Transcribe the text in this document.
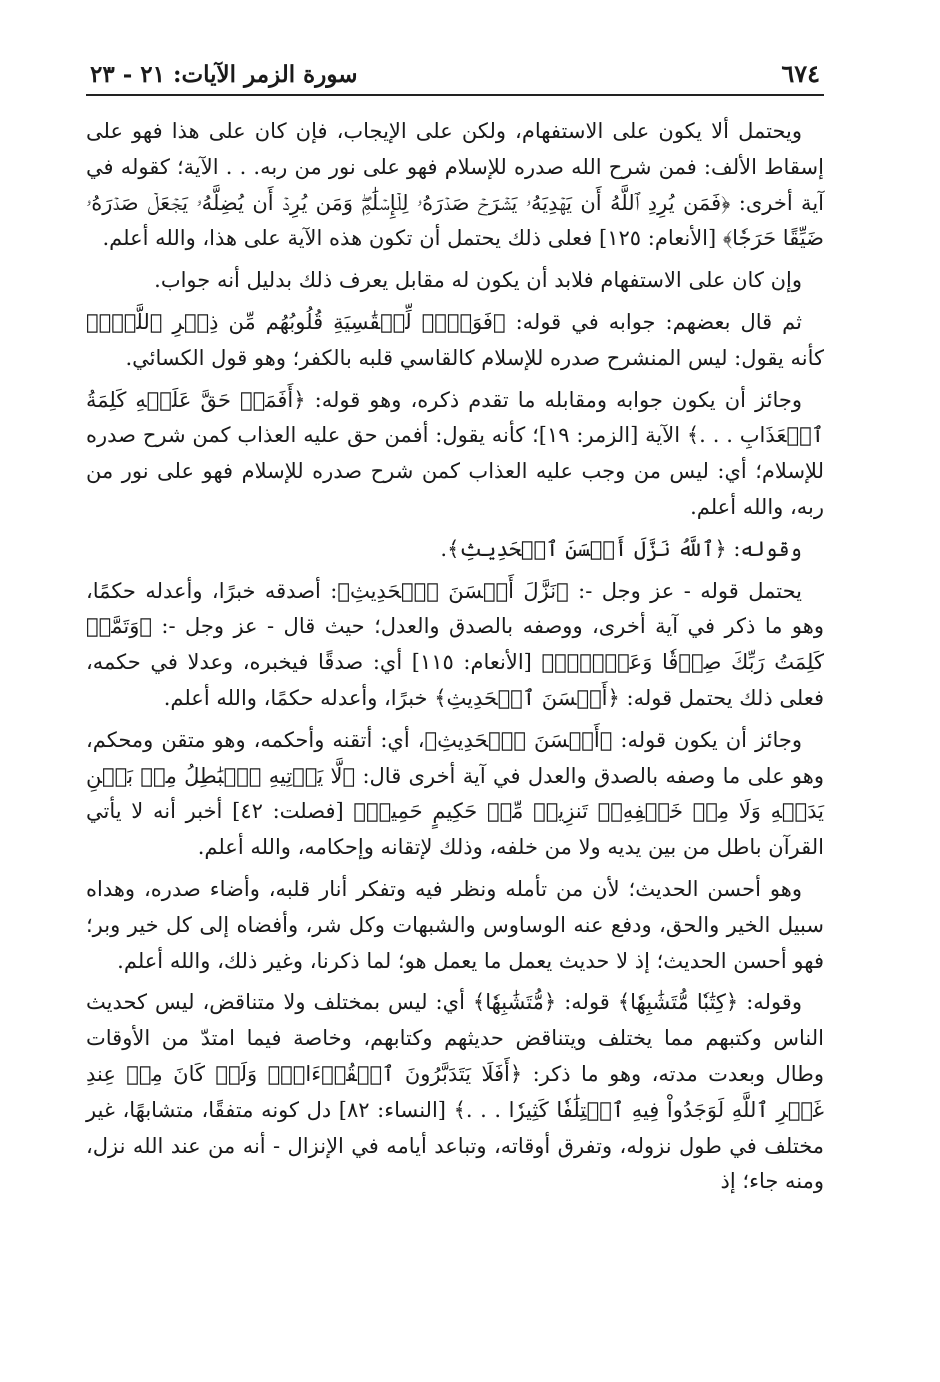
٦٧٤
سورة الزمر الآيات: ٢١ - ٢٣

ويحتمل ألا يكون على الاستفهام، ولكن على الإيجاب، فإن كان على هذا فهو على إسقاط الألف: فمن شرح الله صدره للإسلام فهو على نور من ربه. . . الآية؛ كقوله في آية أخرى: ﴿فَمَن يُرِدِ ٱللَّهُ أَن يَهۡدِيَهُۥ يَشۡرَحۡ صَدۡرَهُۥ لِلۡإِسۡلَٰمِۖ وَمَن يُرِدۡ أَن يُضِلَّهُۥ يَجۡعَلۡ صَدۡرَهُۥ ضَيِّقًا حَرَجٗا﴾ [الأنعام: ١٢٥] فعلى ذلك يحتمل أن تكون هذه الآية على هذا، والله أعلم.

وإن كان على الاستفهام فلابد أن يكون له مقابل يعرف ذلك بدليل أنه جواب.

ثم قال بعضهم: جوابه في قوله: ﴿فَوَيۡلٞ لِّلۡقَٰسِيَةِ قُلُوبُهُم مِّن ذِكۡرِ ٱللَّهِۚ﴾ كأنه يقول: ليس المنشرح صدره للإسلام كالقاسي قلبه بالكفر؛ وهو قول الكسائي.

وجائز أن يكون جوابه ومقابله ما تقدم ذكره، وهو قوله: ﴿أَفَمَنۡ حَقَّ عَلَيۡهِ كَلِمَةُ ٱلۡعَذَابِ . . .﴾ الآية [الزمر: ١٩]؛ كأنه يقول: أفمن حق عليه العذاب كمن شرح صدره للإسلام؛ أي: ليس من وجب عليه العذاب كمن شرح صدره للإسلام فهو على نور من ربه، والله أعلم.

وقوله: ﴿ٱللَّهُ نَزَّلَ أَحۡسَنَ ٱلۡحَدِيثِ﴾.

يحتمل قوله - عز وجل -: ﴿نَزَّلَ أَحۡسَنَ ٱلۡحَدِيثِ﴾: أصدقه خبرًا، وأعدله حكمًا، وهو ما ذكر في آية أخرى، ووصفه بالصدق والعدل؛ حيث قال - عز وجل -: ﴿وَتَمَّتۡ كَلِمَتُ رَبِّكَ صِدۡقٗا وَعَدۡلٗاۚ﴾ [الأنعام: ١١٥] أي: صدقًا فيخبره، وعدلا في حكمه، فعلى ذلك يحتمل قوله: ﴿أَحۡسَنَ ٱلۡحَدِيثِ﴾ خبرًا، وأعدله حكمًا، والله أعلم.

وجائز أن يكون قوله: ﴿أَحۡسَنَ ٱلۡحَدِيثِ﴾، أي: أتقنه وأحكمه، وهو متقن ومحكم، وهو على ما وصفه بالصدق والعدل في آية أخرى قال: ﴿لَّا يَأۡتِيهِ ٱلۡبَٰطِلُ مِنۢ بَيۡنِ يَدَيۡهِ وَلَا مِنۡ خَلۡفِهِۦۖ تَنزِيلٞ مِّنۡ حَكِيمٍ حَمِيدٖ﴾ [فصلت: ٤٢] أخبر أنه لا يأتي القرآن باطل من بين يديه ولا من خلفه، وذلك لإتقانه وإحكامه، والله أعلم.

وهو أحسن الحديث؛ لأن من تأمله ونظر فيه وتفكر أنار قلبه، وأضاء صدره، وهداه سبيل الخير والحق، ودفع عنه الوساوس والشبهات وكل شر، وأفضاه إلى كل خير وبر؛ فهو أحسن الحديث؛ إذ لا حديث يعمل ما يعمل هو؛ لما ذكرنا، وغير ذلك، والله أعلم.

وقوله: ﴿كِتَٰبٗا مُّتَشَٰبِهٗا﴾ قوله: ﴿مُّتَشَٰبِهٗا﴾ أي: ليس بمختلف ولا متناقض، ليس كحديث الناس وكتبهم مما يختلف ويتناقض حديثهم وكتابهم، وخاصة فيما امتدّ من الأوقات وطال وبعدت مدته، وهو ما ذكر: ﴿أَفَلَا يَتَدَبَّرُونَ ٱلۡقُرۡءَانَۚ وَلَوۡ كَانَ مِنۡ عِندِ غَيۡرِ ٱللَّهِ لَوَجَدُواْ فِيهِ ٱخۡتِلَٰفٗا كَثِيرٗا . . .﴾ [النساء: ٨٢] دل كونه متفقًا، متشابهًا، غير مختلف في طول نزوله، وتفرق أوقاته، وتباعد أيامه في الإنزال - أنه من عند الله نزل، ومنه جاء؛ إذ
